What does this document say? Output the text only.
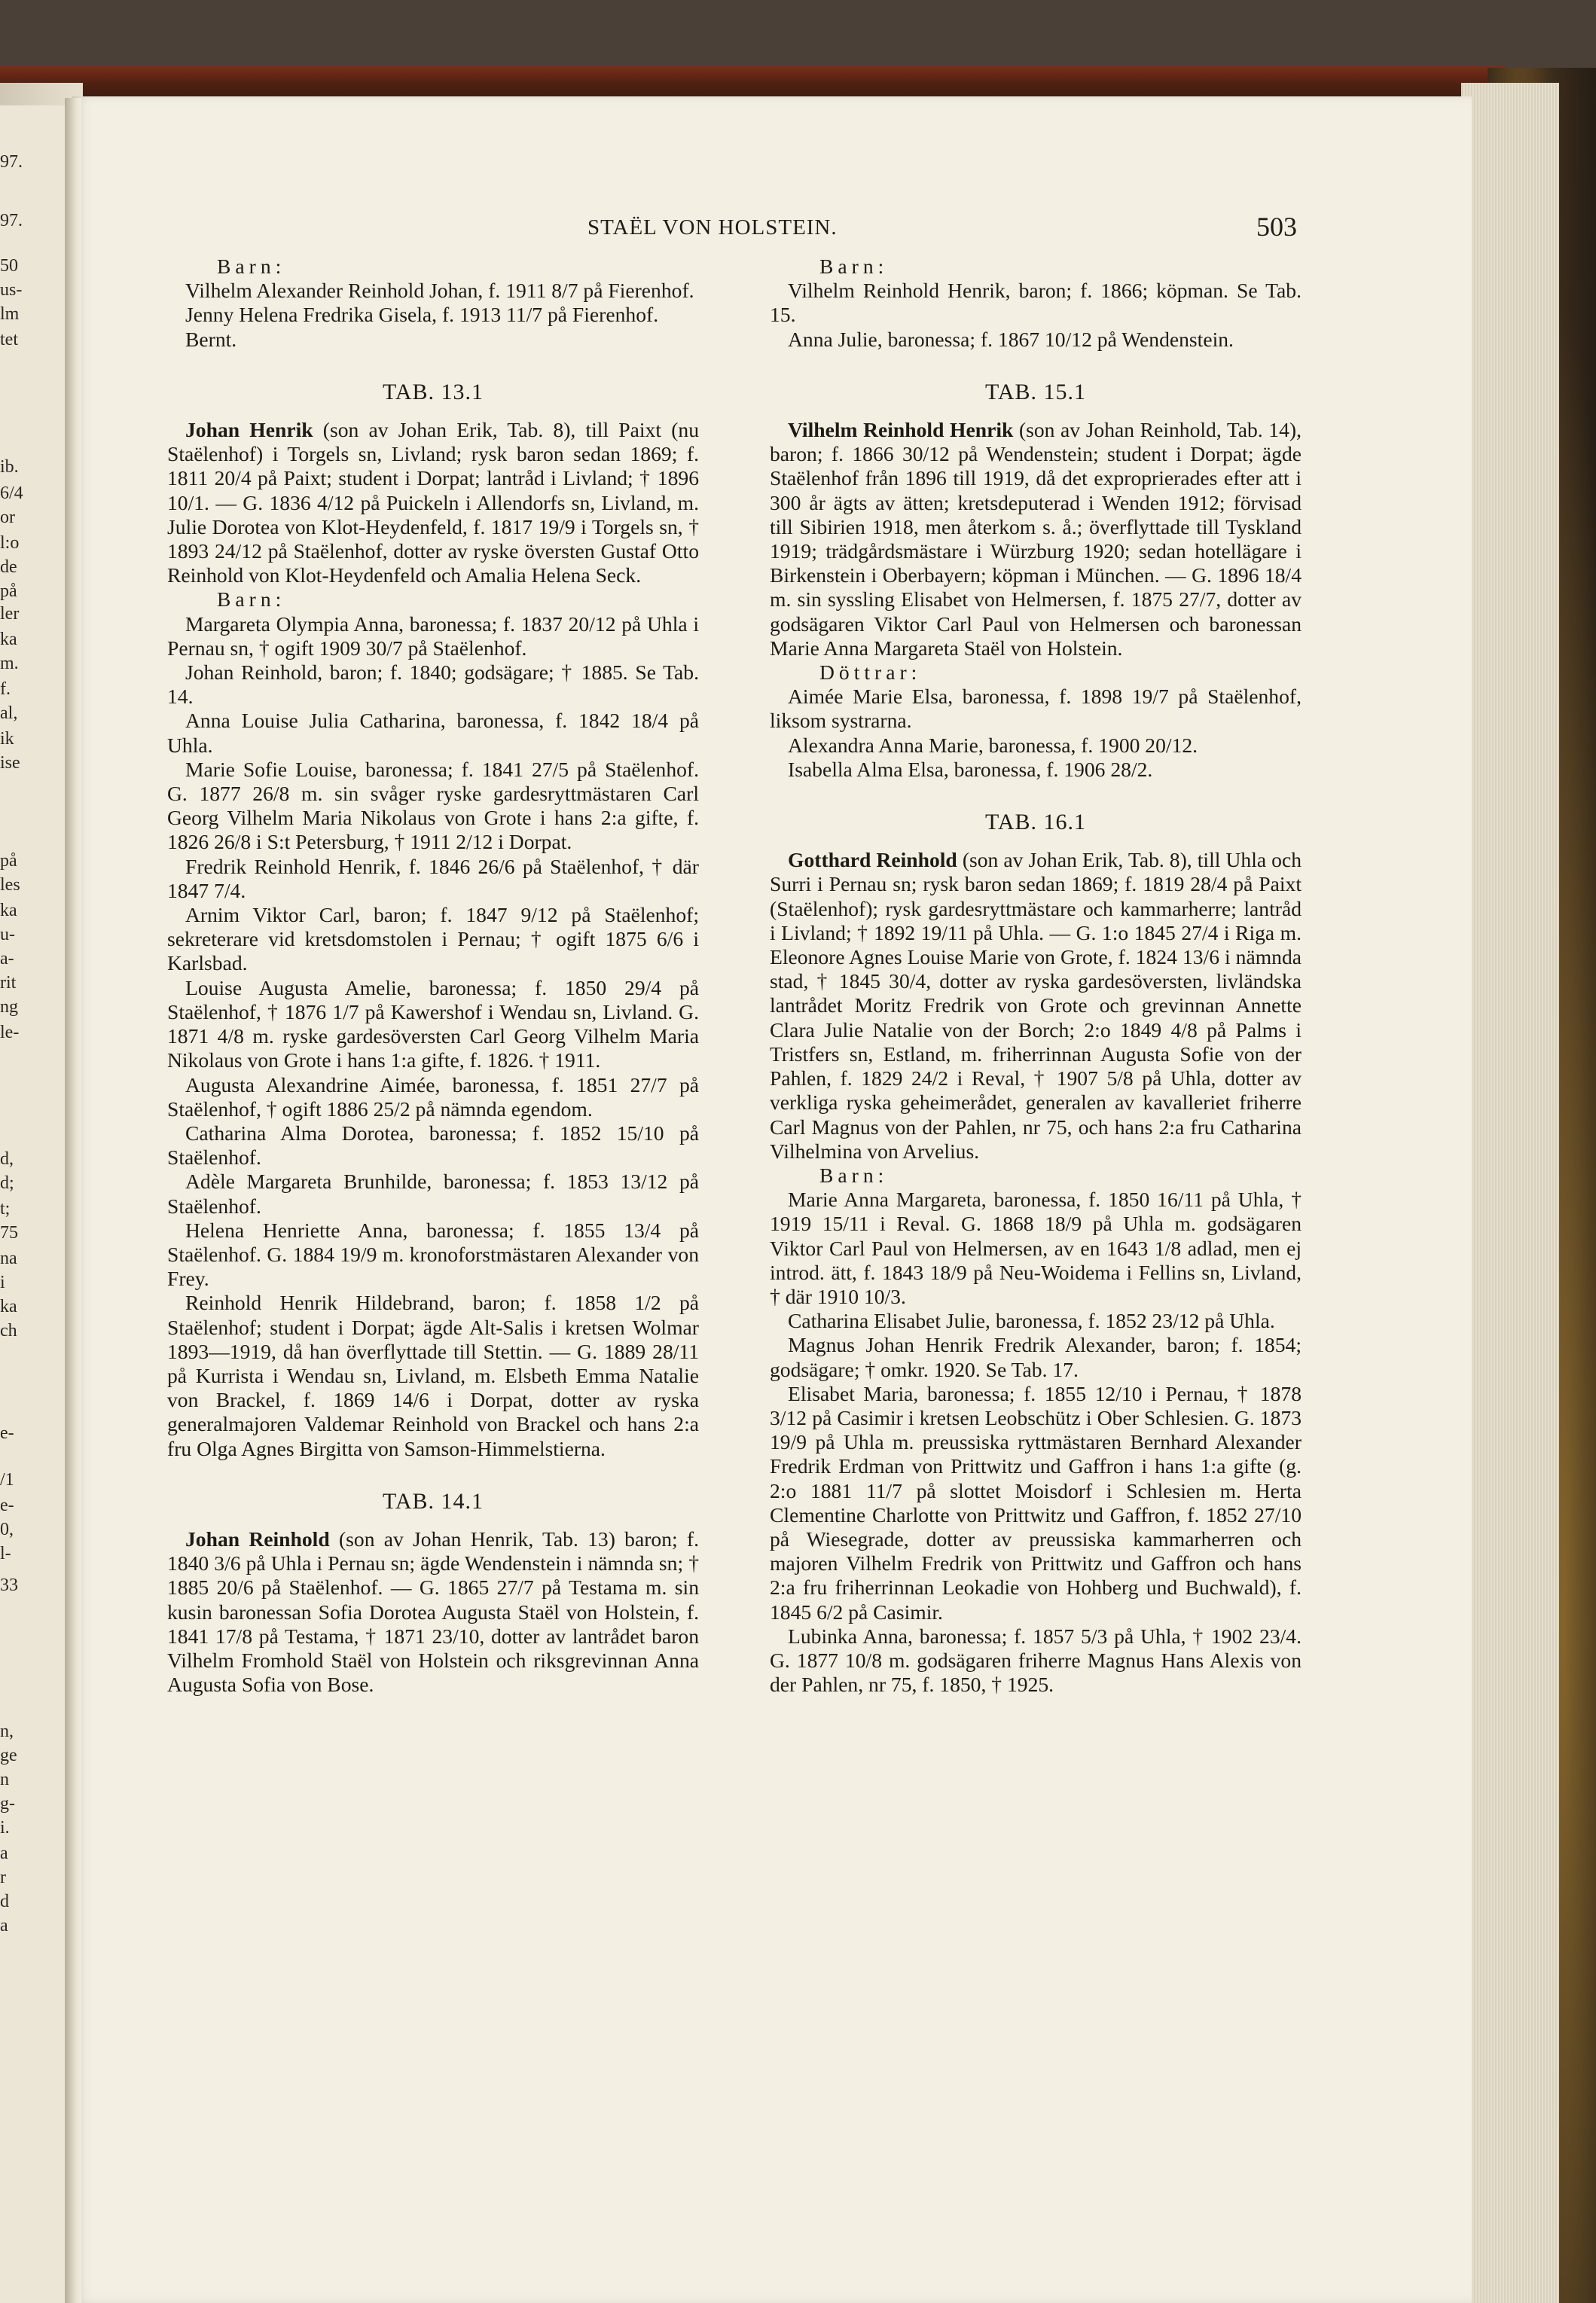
97.
97.
50
us-
lm
tet
ib.
6/4
or
l:o
de
på
ler
ka
m.
f.
al,
ik
ise
på
les
ka
u-
a-
rit
ng
le-
d,
d;
t;
75
na
i
ka
ch
e-
/1
e-
0,
l-
33
n,
ge
n
g-
i.
a
r
d
a
STAËL VON HOLSTEIN.	503

Barn:

Vilhelm Alexander Reinhold Johan, f. 1911 8/7 på Fierenhof.

Jenny Helena Fredrika Gisela, f. 1913 11/7 på Fierenhof.

Bernt.

TAB. 13.1

Johan Henrik (son av Johan Erik, Tab. 8), till Paixt (nu Staëlenhof) i Torgels sn, Livland; rysk baron sedan 1869; f. 1811 20/4 på Paixt; student i Dorpat; lantråd i Livland; † 1896 10/1. — G. 1836 4/12 på Puickeln i Allendorfs sn, Livland, m. Julie Dorotea von Klot-Heydenfeld, f. 1817 19/9 i Torgels sn, † 1893 24/12 på Staëlenhof, dotter av ryske översten Gustaf Otto Reinhold von Klot-Heydenfeld och Amalia Helena Seck.

Barn:

Margareta Olympia Anna, baronessa; f. 1837 20/12 på Uhla i Pernau sn, † ogift 1909 30/7 på Staëlenhof.

Johan Reinhold, baron; f. 1840; godsägare; † 1885. Se Tab. 14.

Anna Louise Julia Catharina, baronessa, f. 1842 18/4 på Uhla.

Marie Sofie Louise, baronessa; f. 1841 27/5 på Staëlenhof. G. 1877 26/8 m. sin svåger ryske gardesryttmästaren Carl Georg Vilhelm Maria Nikolaus von Grote i hans 2:a gifte, f. 1826 26/8 i S:t Petersburg, † 1911 2/12 i Dorpat.

Fredrik Reinhold Henrik, f. 1846 26/6 på Staëlenhof, † där 1847 7/4.

Arnim Viktor Carl, baron; f. 1847 9/12 på Staëlenhof; sekreterare vid kretsdomstolen i Pernau; † ogift 1875 6/6 i Karlsbad.

Louise Augusta Amelie, baronessa; f. 1850 29/4 på Staëlenhof, † 1876 1/7 på Kawershof i Wendau sn, Livland. G. 1871 4/8 m. ryske gardesöversten Carl Georg Vilhelm Maria Nikolaus von Grote i hans 1:a gifte, f. 1826. † 1911.

Augusta Alexandrine Aimée, baronessa, f. 1851 27/7 på Staëlenhof, † ogift 1886 25/2 på nämnda egendom.

Catharina Alma Dorotea, baronessa; f. 1852 15/10 på Staëlenhof.

Adèle Margareta Brunhilde, baronessa; f. 1853 13/12 på Staëlenhof.

Helena Henriette Anna, baronessa; f. 1855 13/4 på Staëlenhof. G. 1884 19/9 m. kronoforstmästaren Alexander von Frey.

Reinhold Henrik Hildebrand, baron; f. 1858 1/2 på Staëlenhof; student i Dorpat; ägde Alt-Salis i kretsen Wolmar 1893—1919, då han överflyttade till Stettin. — G. 1889 28/11 på Kurrista i Wendau sn, Livland, m. Elsbeth Emma Natalie von Brackel, f. 1869 14/6 i Dorpat, dotter av ryska generalmajoren Valdemar Reinhold von Brackel och hans 2:a fru Olga Agnes Birgitta von Samson-Himmelstierna.

TAB. 14.1

Johan Reinhold (son av Johan Henrik, Tab. 13) baron; f. 1840 3/6 på Uhla i Pernau sn; ägde Wendenstein i nämnda sn; † 1885 20/6 på Staëlenhof. — G. 1865 27/7 på Testama m. sin kusin baronessan Sofia Dorotea Augusta Staël von Holstein, f. 1841 17/8 på Testama, † 1871 23/10, dotter av lantrådet baron Vilhelm Fromhold Staël von Holstein och riksgrevinnan Anna Augusta Sofia von Bose.

Barn:

Vilhelm Reinhold Henrik, baron; f. 1866; köpman. Se Tab. 15.

Anna Julie, baronessa; f. 1867 10/12 på Wendenstein.

TAB. 15.1

Vilhelm Reinhold Henrik (son av Johan Reinhold, Tab. 14), baron; f. 1866 30/12 på Wendenstein; student i Dorpat; ägde Staëlenhof från 1896 till 1919, då det exproprierades efter att i 300 år ägts av ätten; kretsdeputerad i Wenden 1912; förvisad till Sibirien 1918, men återkom s. å.; överflyttade till Tyskland 1919; trädgårdsmästare i Würzburg 1920; sedan hotellägare i Birkenstein i Oberbayern; köpman i München. — G. 1896 18/4 m. sin syssling Elisabet von Helmersen, f. 1875 27/7, dotter av godsägaren Viktor Carl Paul von Helmersen och baronessan Marie Anna Margareta Staël von Holstein.

Döttrar:

Aimée Marie Elsa, baronessa, f. 1898 19/7 på Staëlenhof, liksom systrarna.

Alexandra Anna Marie, baronessa, f. 1900 20/12.

Isabella Alma Elsa, baronessa, f. 1906 28/2.

TAB. 16.1

Gotthard Reinhold (son av Johan Erik, Tab. 8), till Uhla och Surri i Pernau sn; rysk baron sedan 1869; f. 1819 28/4 på Paixt (Staëlenhof); rysk gardesryttmästare och kammarherre; lantråd i Livland; † 1892 19/11 på Uhla. — G. 1:o 1845 27/4 i Riga m. Eleonore Agnes Louise Marie von Grote, f. 1824 13/6 i nämnda stad, † 1845 30/4, dotter av ryska gardesöversten, livländska lantrådet Moritz Fredrik von Grote och grevinnan Annette Clara Julie Natalie von der Borch; 2:o 1849 4/8 på Palms i Tristfers sn, Estland, m. friherrinnan Augusta Sofie von der Pahlen, f. 1829 24/2 i Reval, † 1907 5/8 på Uhla, dotter av verkliga ryska geheimerådet, generalen av kavalleriet friherre Carl Magnus von der Pahlen, nr 75, och hans 2:a fru Catharina Vilhelmina von Arvelius.

Barn:

Marie Anna Margareta, baronessa, f. 1850 16/11 på Uhla, † 1919 15/11 i Reval. G. 1868 18/9 på Uhla m. godsägaren Viktor Carl Paul von Helmersen, av en 1643 1/8 adlad, men ej introd. ätt, f. 1843 18/9 på Neu-Woidema i Fellins sn, Livland, † där 1910 10/3.

Catharina Elisabet Julie, baronessa, f. 1852 23/12 på Uhla.

Magnus Johan Henrik Fredrik Alexander, baron; f. 1854; godsägare; † omkr. 1920. Se Tab. 17.

Elisabet Maria, baronessa; f. 1855 12/10 i Pernau, † 1878 3/12 på Casimir i kretsen Leobschütz i Ober Schlesien. G. 1873 19/9 på Uhla m. preussiska ryttmästaren Bernhard Alexander Fredrik Erdman von Prittwitz und Gaffron i hans 1:a gifte (g. 2:o 1881 11/7 på slottet Moisdorf i Schlesien m. Herta Clementine Charlotte von Prittwitz und Gaffron, f. 1852 27/10 på Wiesegrade, dotter av preussiska kammarherren och majoren Vilhelm Fredrik von Prittwitz und Gaffron och hans 2:a fru friherrinnan Leokadie von Hohberg und Buchwald), f. 1845 6/2 på Casimir.

Lubinka Anna, baronessa; f. 1857 5/3 på Uhla, † 1902 23/4. G. 1877 10/8 m. godsägaren friherre Magnus Hans Alexis von der Pahlen, nr 75, f. 1850, † 1925.
